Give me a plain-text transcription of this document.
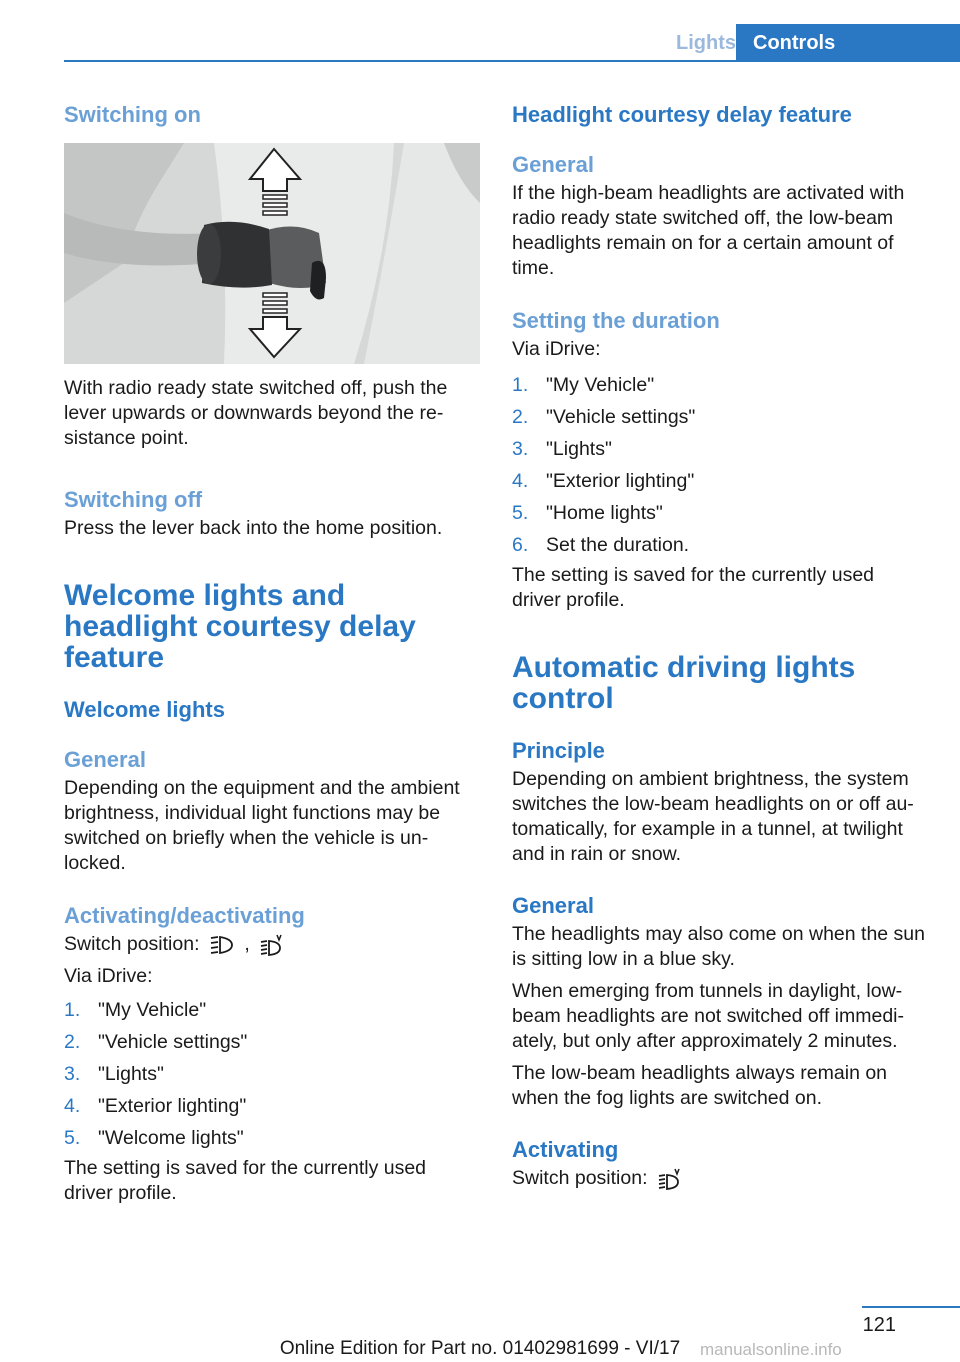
Lights Controls
Switching on

With radio ready state switched off, push the lever upwards or downwards beyond the resistance point.

Switching off

Press the lever back into the home position.

Welcome lights and headlight courtesy delay feature
Welcome lights
General

Depending on the equipment and the ambient brightness, individual light functions may be switched on briefly when the vehicle is unlocked.

Activating/deactivating

Switch position: ,

Via iDrive:

1. "My Vehicle"
2. "Vehicle settings"
3. "Lights"
4. "Exterior lighting"
5. "Welcome lights"

The setting is saved for the currently used driver profile.

Headlight courtesy delay feature
General

If the high-beam headlights are activated with radio ready state switched off, the low-beam headlights remain on for a certain amount of time.

Setting the duration

Via iDrive:

1. "My Vehicle"
2. "Vehicle settings"
3. "Lights"
4. "Exterior lighting"
5. "Home lights"
6. Set the duration.

The setting is saved for the currently used driver profile.

Automatic driving lights control
Principle

Depending on ambient brightness, the system switches the low-beam headlights on or off automatically, for example in a tunnel, at twilight and in rain or snow.

General

The headlights may also come on when the sun is sitting low in a blue sky.

When emerging from tunnels in daylight, low-beam headlights are not switched off immediately, but only after approximately 2 minutes.

The low-beam headlights always remain on when the fog lights are switched on.

Activating

Switch position:

121
Online Edition for Part no. 01402981699 - VI/17	manualsonline.info
